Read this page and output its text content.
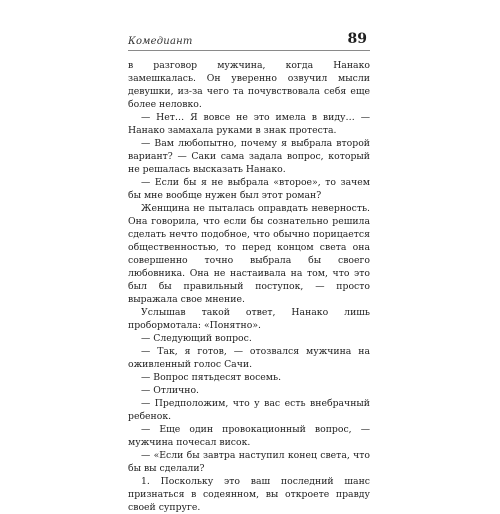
Комедиант	89

в разговор мужчина, когда Нанако замешкалась. Он уверенно озвучил мысли девушки, из-за чего та почувствовала себя еще более неловко.

— Нет… Я вовсе не это имела в виду… — Нанако замахала руками в знак протеста.

— Вам любопытно, почему я выбрала второй вариант? — Саки сама задала вопрос, который не решалась высказать Нанако.

— Если бы я не выбрала «второе», то зачем бы мне вообще нужен был этот роман?

Женщина не пыталась оправдать неверность. Она говорила, что если бы сознательно решила сделать нечто подобное, что обычно порицается общественностью, то перед концом света она совершенно точно выбрала бы своего любовника. Она не настаивала на том, что это был бы правильный поступок, — просто выражала свое мнение.

Услышав такой ответ, Нанако лишь пробормотала: «Понятно».

— Следующий вопрос.

— Так, я готов, — отозвался мужчина на оживленный голос Сачи.

— Вопрос пятьдесят восемь.

— Отлично.

— Предположим, что у вас есть внебрачный ребенок.

— Еще один провокационный вопрос, — мужчина почесал висок.

— «Если бы завтра наступил конец света, что бы вы сделали?

1. Поскольку это ваш последний шанс признаться в содеянном, вы откроете правду своей супруге.
